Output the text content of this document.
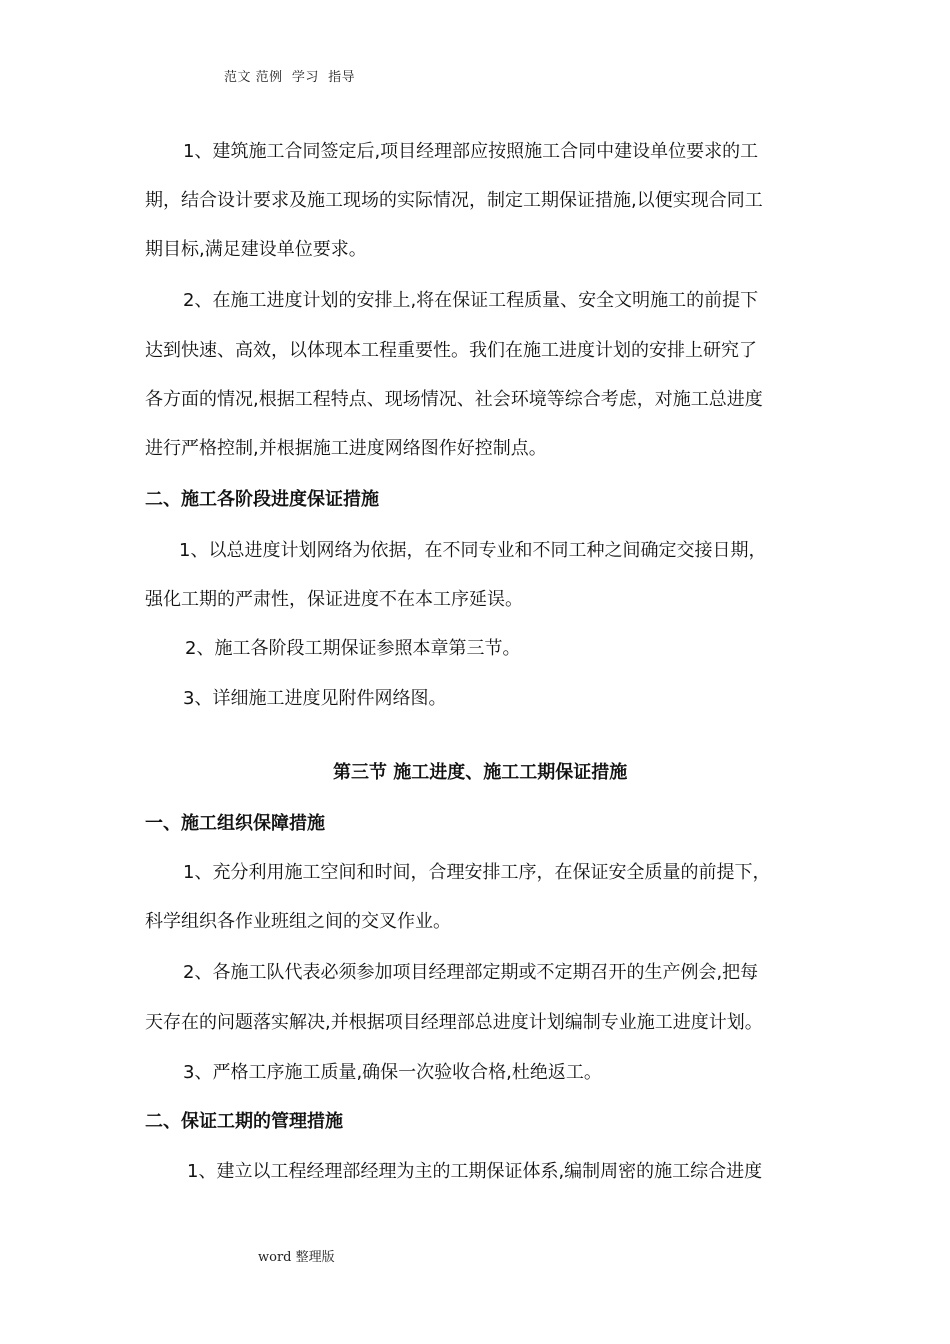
范文 范例  学习  指导
1、建筑施工合同签定后,项目经理部应按照施工合同中建设单位要求的工
期，结合设计要求及施工现场的实际情况，制定工期保证措施,以便实现合同工
期目标,满足建设单位要求。
2、在施工进度计划的安排上,将在保证工程质量、安全文明施工的前提下
达到快速、高效，以体现本工程重要性。我们在施工进度计划的安排上研究了
各方面的情况,根据工程特点、现场情况、社会环境等综合考虑，对施工总进度
进行严格控制,并根据施工进度网络图作好控制点。
二、施工各阶段进度保证措施
1、以总进度计划网络为依据，在不同专业和不同工种之间确定交接日期，
强化工期的严肃性，保证进度不在本工序延误。
2、施工各阶段工期保证参照本章第三节。
3、详细施工进度见附件网络图。
第三节 施工进度、施工工期保证措施
一、施工组织保障措施
1、充分利用施工空间和时间，合理安排工序，在保证安全质量的前提下，
科学组织各作业班组之间的交叉作业。
2、各施工队代表必须参加项目经理部定期或不定期召开的生产例会,把每
天存在的问题落实解决,并根据项目经理部总进度计划编制专业施工进度计划。
3、严格工序施工质量,确保一次验收合格,杜绝返工。
二、保证工期的管理措施
1、建立以工程经理部经理为主的工期保证体系,编制周密的施工综合进度
word 整理版
